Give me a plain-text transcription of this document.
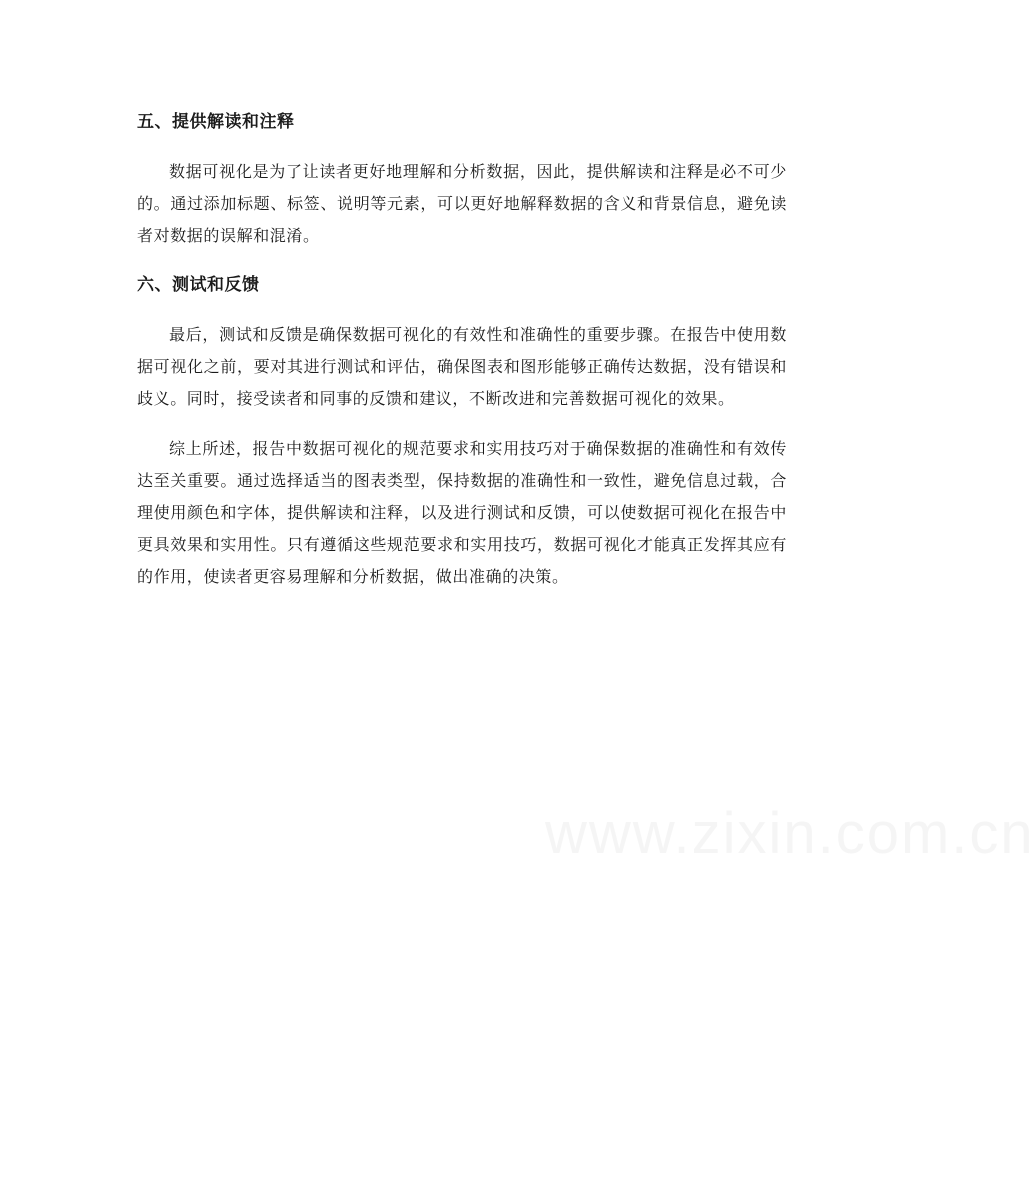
五、提供解读和注释

数据可视化是为了让读者更好地理解和分析数据，因此，提供解读和注释是必不可少的。通过添加标题、标签、说明等元素，可以更好地解释数据的含义和背景信息，避免读者对数据的误解和混淆。

六、测试和反馈

最后，测试和反馈是确保数据可视化的有效性和准确性的重要步骤。在报告中使用数据可视化之前，要对其进行测试和评估，确保图表和图形能够正确传达数据，没有错误和歧义。同时，接受读者和同事的反馈和建议，不断改进和完善数据可视化的效果。

综上所述，报告中数据可视化的规范要求和实用技巧对于确保数据的准确性和有效传达至关重要。通过选择适当的图表类型，保持数据的准确性和一致性，避免信息过载，合理使用颜色和字体，提供解读和注释，以及进行测试和反馈，可以使数据可视化在报告中更具效果和实用性。只有遵循这些规范要求和实用技巧，数据可视化才能真正发挥其应有的作用，使读者更容易理解和分析数据，做出准确的决策。

www.zixin.com.cn
